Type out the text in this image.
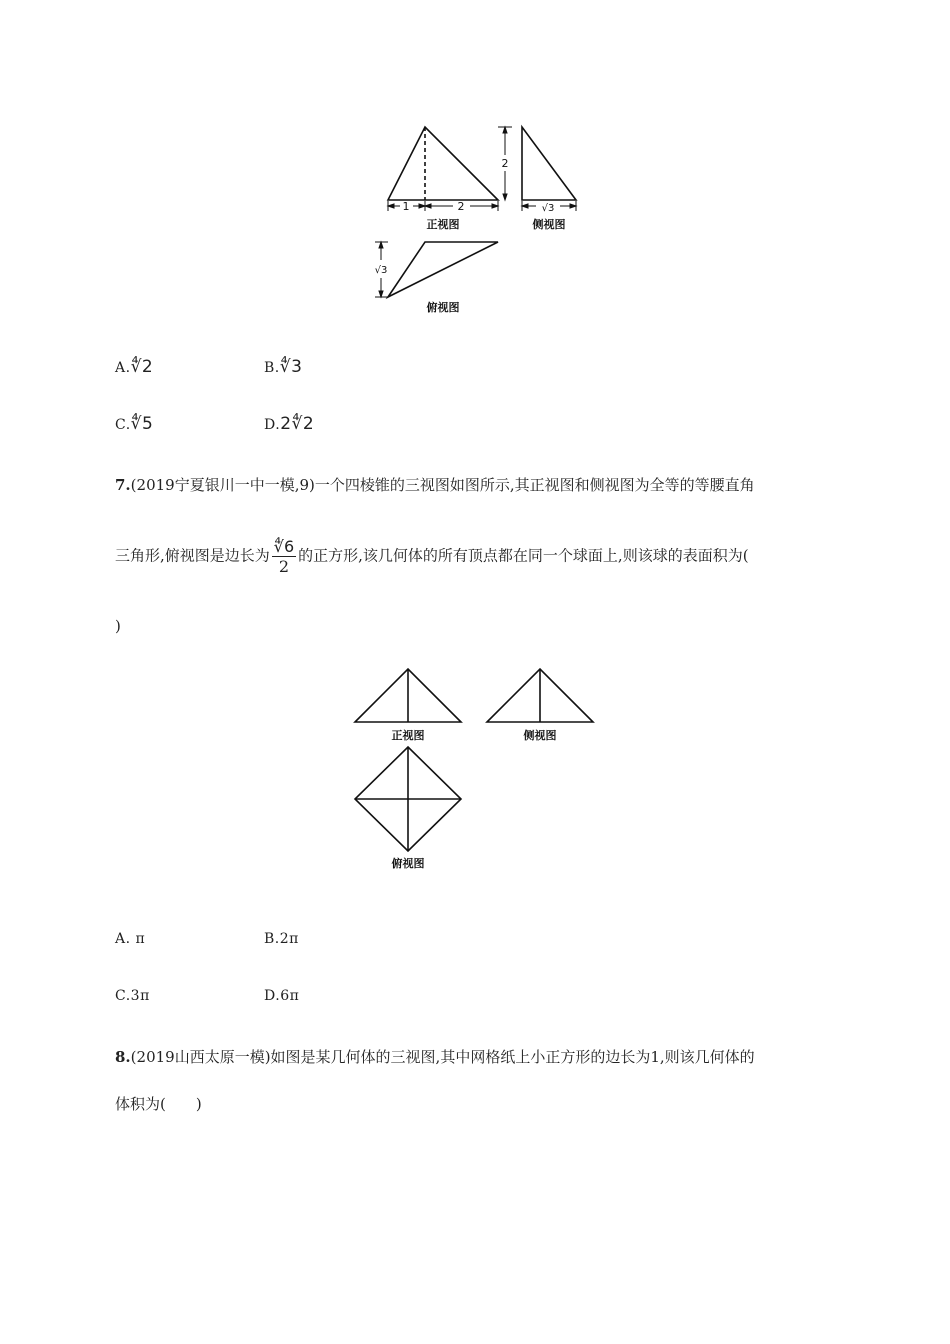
1	2
正视图
2
√3
侧视图
√3
俯视图
A.∜2	B.∜3
C.∜5	D.2∜2
7.(2019宁夏银川一中一模,9)一个四棱锥的三视图如图所示,其正视图和侧视图为全等的等腰直角
三角形,俯视图是边长为 $\frac{∜6}{2}$ 的正方形,该几何体的所有顶点都在同一个球面上,则该球的表面积为(
)
正视图	侧视图
俯视图
A. π	B.2π
C.3π	D.6π
8.(2019山西太原一模)如图是某几何体的三视图,其中网格纸上小正方形的边长为1,则该几何体的
体积为(　　)
